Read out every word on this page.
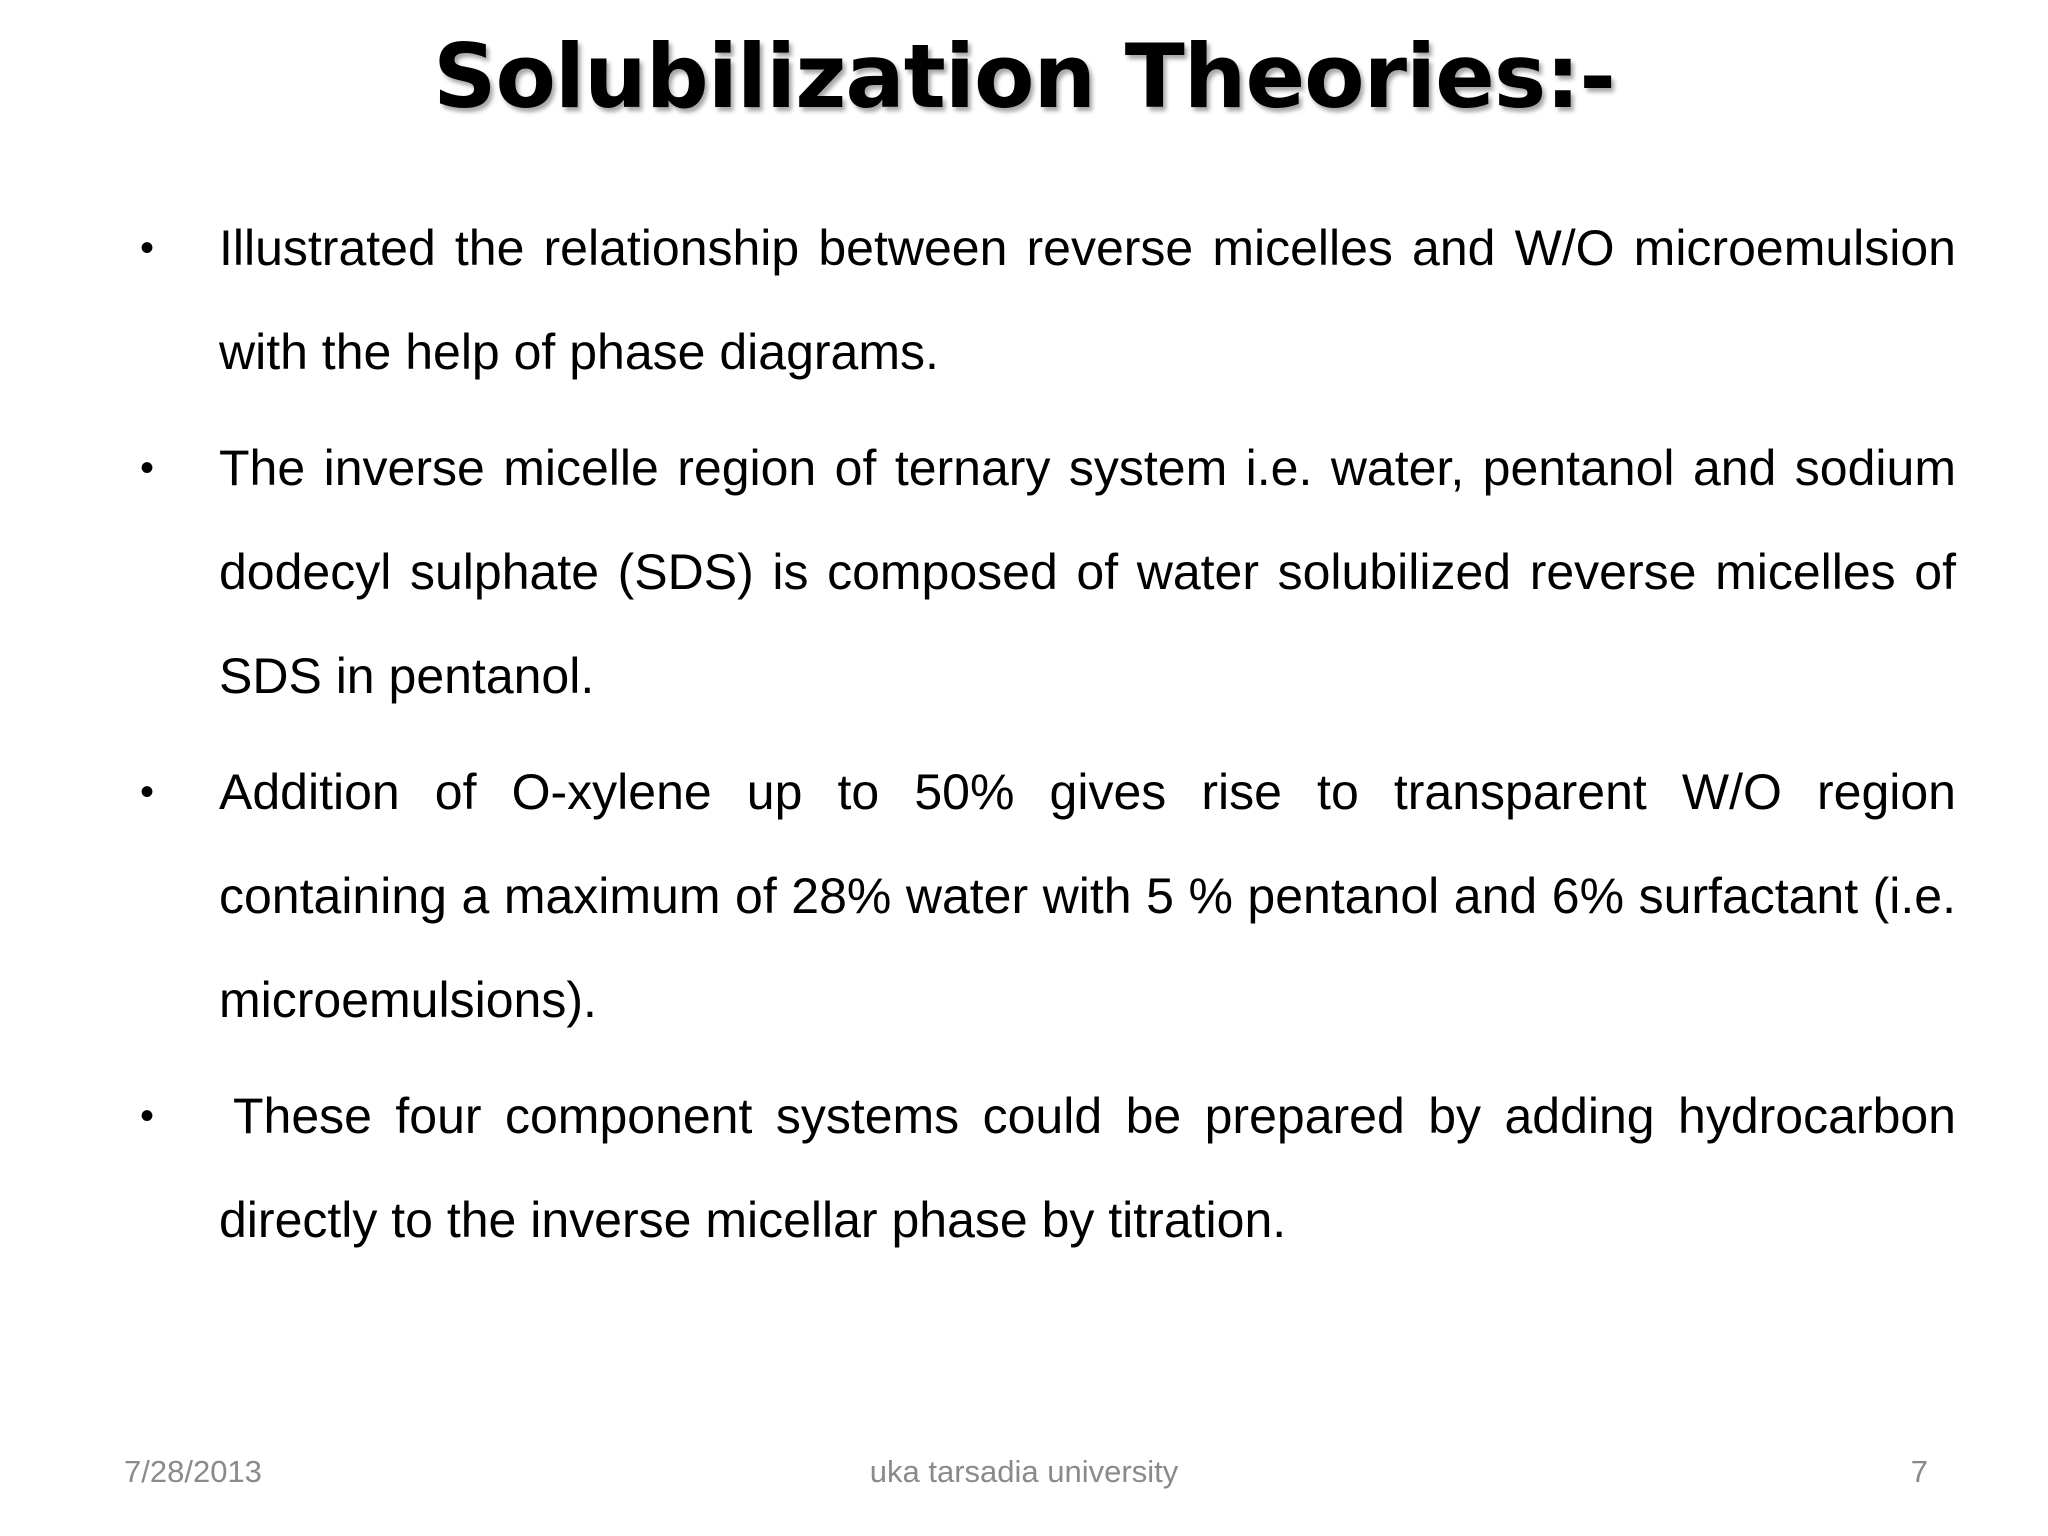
Solubilization Theories:-
•	Illustrated the relationship between reverse micelles and W/O microemulsion with the help of phase diagrams.
•	The inverse micelle region of ternary system i.e. water, pentanol and sodium dodecyl sulphate (SDS) is composed of water solubilized reverse micelles of SDS in pentanol.
•	Addition of O-xylene up to 50% gives rise to transparent W/O region containing a maximum of 28% water with 5 % pentanol and 6% surfactant (i.e. microemulsions).
•	These four component systems could be prepared by adding hydrocarbon directly to the inverse micellar phase by titration.
7/28/2013	uka tarsadia university	7
